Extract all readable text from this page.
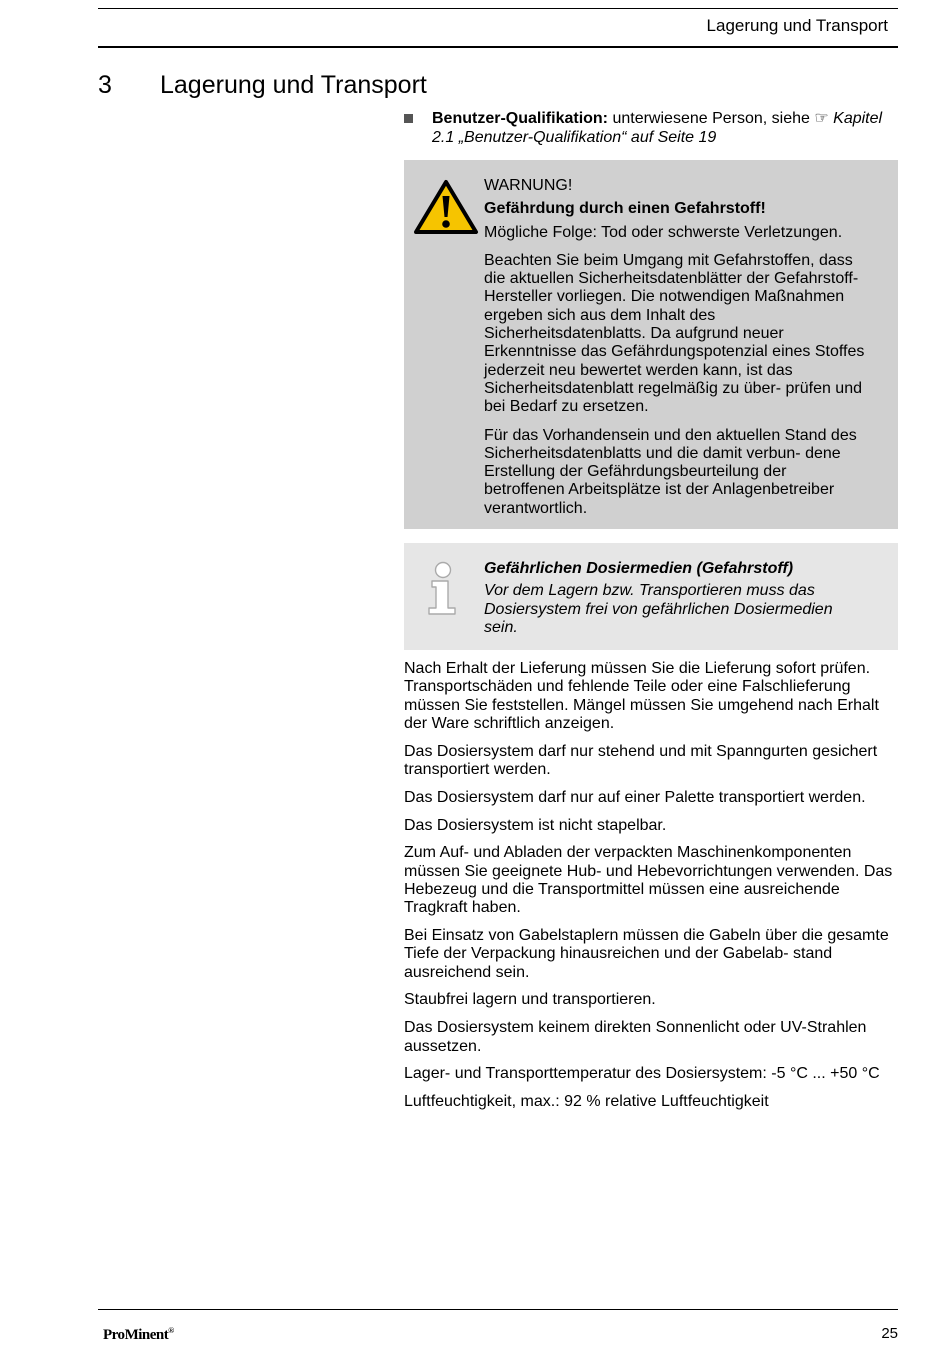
Lagerung und Transport
3 Lagerung und Transport
Benutzer-Qualifikation: unterwiesene Person, siehe ☞ Kapitel 2.1 „Benutzer-Qualifikation“ auf Seite 19

WARNUNG!

Gefährdung durch einen Gefahrstoff!

Mögliche Folge: Tod oder schwerste Verletzungen.

Beachten Sie beim Umgang mit Gefahrstoffen, dass die aktuellen Sicherheitsdatenblätter der Gefahrstoff-Hersteller vorliegen. Die notwendigen Maßnahmen ergeben sich aus dem Inhalt des Sicherheitsdatenblatts. Da aufgrund neuer Erkenntnisse das Gefährdungspotenzial eines Stoffes jederzeit neu bewertet werden kann, ist das Sicherheitsdatenblatt regelmäßig zu über- prüfen und bei Bedarf zu ersetzen.

Für das Vorhandensein und den aktuellen Stand des Sicherheitsdatenblatts und die damit verbun- dene Erstellung der Gefährdungsbeurteilung der betroffenen Arbeitsplätze ist der Anlagenbetreiber verantwortlich.

Gefährlichen Dosiermedien (Gefahrstoff)

Vor dem Lagern bzw. Transportieren muss das Dosiersystem frei von gefährlichen Dosiermedien sein.

Nach Erhalt der Lieferung müssen Sie die Lieferung sofort prüfen. Transportschäden und fehlende Teile oder eine Falschlieferung müssen Sie feststellen. Mängel müssen Sie umgehend nach Erhalt der Ware schriftlich anzeigen.

Das Dosiersystem darf nur stehend und mit Spanngurten gesichert transportiert werden.

Das Dosiersystem darf nur auf einer Palette transportiert werden.

Das Dosiersystem ist nicht stapelbar.

Zum Auf- und Abladen der verpackten Maschinenkomponenten müssen Sie geeignete Hub- und Hebevorrichtungen verwenden. Das Hebezeug und die Transportmittel müssen eine ausreichende Tragkraft haben.

Bei Einsatz von Gabelstaplern müssen die Gabeln über die gesamte Tiefe der Verpackung hinausreichen und der Gabelab- stand ausreichend sein.

Staubfrei lagern und transportieren.

Das Dosiersystem keinem direkten Sonnenlicht oder UV-Strahlen aussetzen.

Lager- und Transporttemperatur des Dosiersystem: -5 °C ... +50 °C

Luftfeuchtigkeit, max.: 92 % relative Luftfeuchtigkeit

ProMinent®	25
